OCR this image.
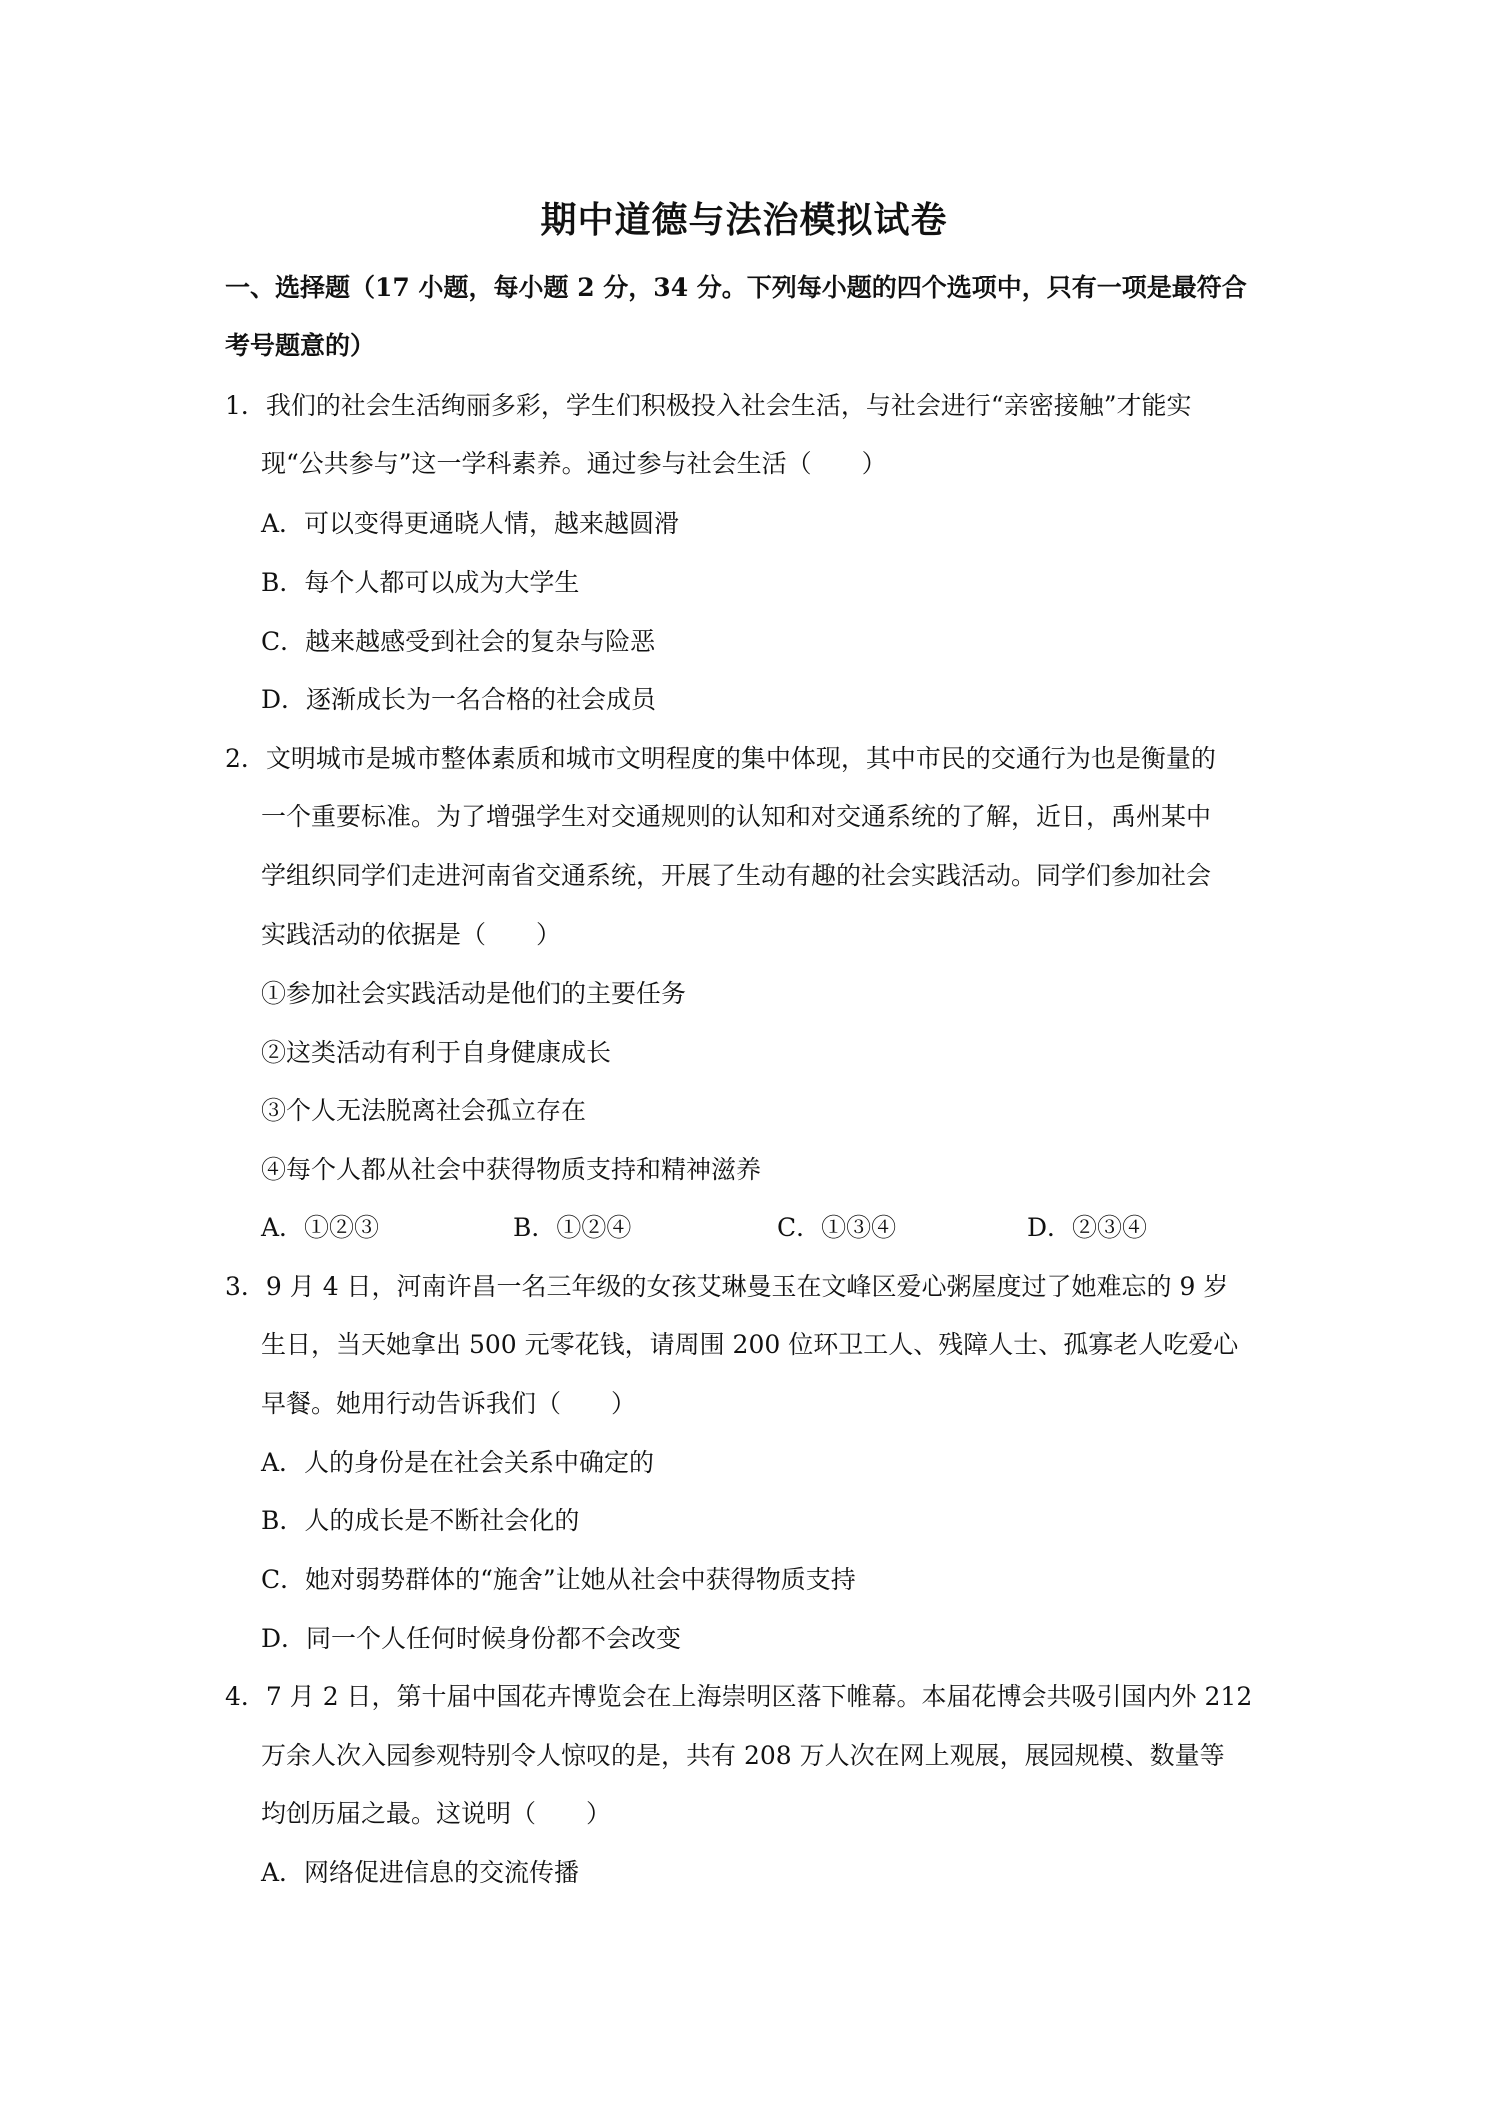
期中道德与法治模拟试卷

一、选择题（17 小题，每小题 2 分，34 分。下列每小题的四个选项中，只有一项是最符合

考号题意的）

1．我们的社会生活绚丽多彩，学生们积极投入社会生活，与社会进行“亲密接触”才能实

现“公共参与”这一学科素养。通过参与社会生活（　　）

A．可以变得更通晓人情，越来越圆滑

B．每个人都可以成为大学生

C．越来越感受到社会的复杂与险恶

D．逐渐成长为一名合格的社会成员

2．文明城市是城市整体素质和城市文明程度的集中体现，其中市民的交通行为也是衡量的

一个重要标准。为了增强学生对交通规则的认知和对交通系统的了解，近日，禹州某中

学组织同学们走进河南省交通系统，开展了生动有趣的社会实践活动。同学们参加社会

实践活动的依据是（　　）

①参加社会实践活动是他们的主要任务

②这类活动有利于自身健康成长

③个人无法脱离社会孤立存在

④每个人都从社会中获得物质支持和精神滋养

A．①②③	B．①②④	C．①③④	D．②③④

3．9 月 4 日，河南许昌一名三年级的女孩艾琳曼玉在文峰区爱心粥屋度过了她难忘的 9 岁

生日，当天她拿出 500 元零花钱，请周围 200 位环卫工人、残障人士、孤寡老人吃爱心

早餐。她用行动告诉我们（　　）

A．人的身份是在社会关系中确定的

B．人的成长是不断社会化的

C．她对弱势群体的“施舍”让她从社会中获得物质支持

D．同一个人任何时候身份都不会改变

4．7 月 2 日，第十届中国花卉博览会在上海崇明区落下帷幕。本届花博会共吸引国内外 212

万余人次入园参观特别令人惊叹的是，共有 208 万人次在网上观展，展园规模、数量等

均创历届之最。这说明（　　）

A．网络促进信息的交流传播
